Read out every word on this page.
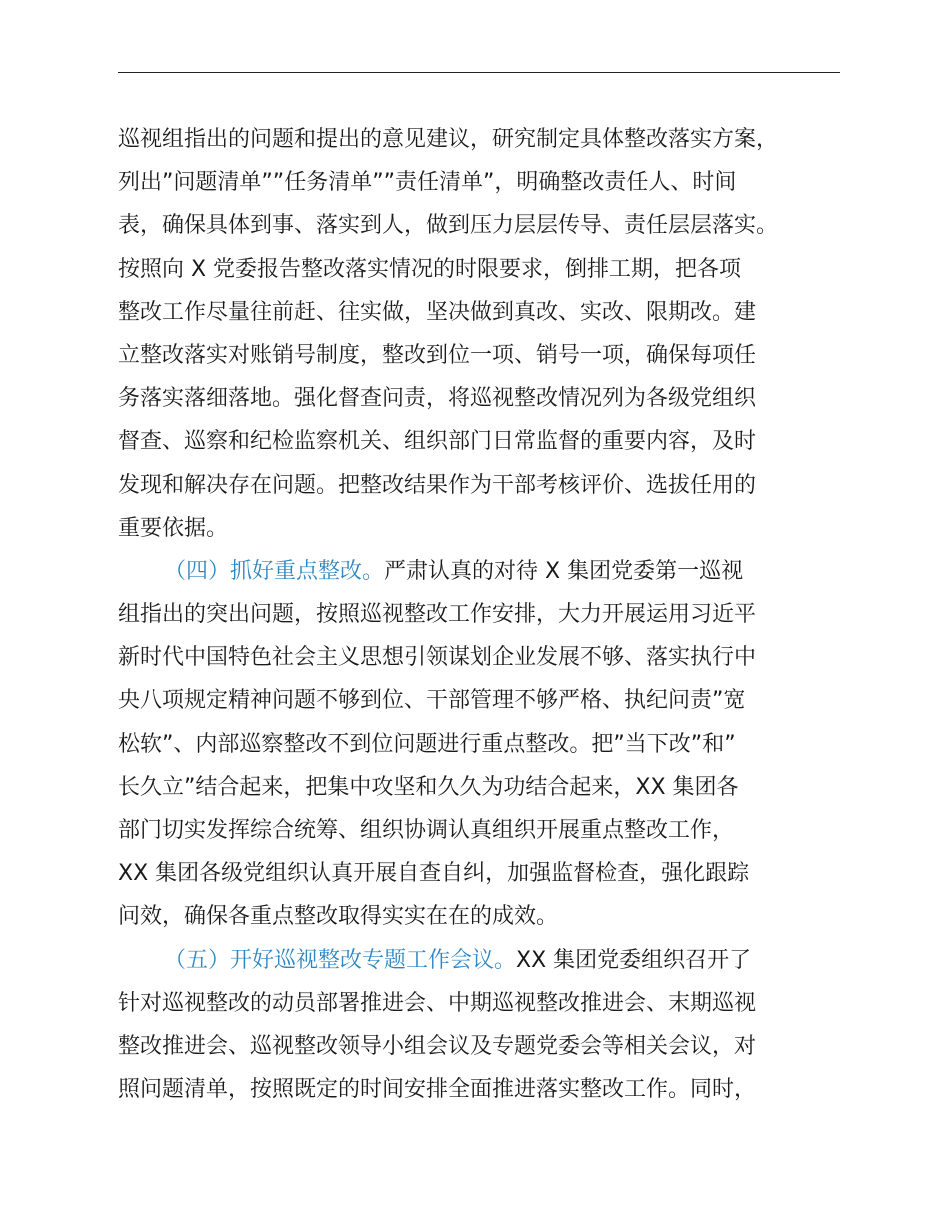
巡视组指出的问题和提出的意见建议，研究制定具体整改落实方案，
列出”问题清单””任务清单””责任清单”，明确整改责任人、时间
表，确保具体到事、落实到人，做到压力层层传导、责任层层落实。
按照向 X 党委报告整改落实情况的时限要求，倒排工期，把各项
整改工作尽量往前赶、往实做，坚决做到真改、实改、限期改。建
立整改落实对账销号制度，整改到位一项、销号一项，确保每项任
务落实落细落地。强化督查问责，将巡视整改情况列为各级党组织
督查、巡察和纪检监察机关、组织部门日常监督的重要内容，及时
发现和解决存在问题。把整改结果作为干部考核评价、选拔任用的
重要依据。
（四）抓好重点整改。严肃认真的对待 X 集团党委第一巡视
组指出的突出问题，按照巡视整改工作安排，大力开展运用习近平
新时代中国特色社会主义思想引领谋划企业发展不够、落实执行中
央八项规定精神问题不够到位、干部管理不够严格、执纪问责”宽
松软”、内部巡察整改不到位问题进行重点整改。把”当下改”和”
长久立”结合起来，把集中攻坚和久久为功结合起来，XX 集团各
部门切实发挥综合统筹、组织协调认真组织开展重点整改工作，
XX 集团各级党组织认真开展自查自纠，加强监督检查，强化跟踪
问效，确保各重点整改取得实实在在的成效。
（五）开好巡视整改专题工作会议。XX 集团党委组织召开了
针对巡视整改的动员部署推进会、中期巡视整改推进会、末期巡视
整改推进会、巡视整改领导小组会议及专题党委会等相关会议，对
照问题清单，按照既定的时间安排全面推进落实整改工作。同时，
